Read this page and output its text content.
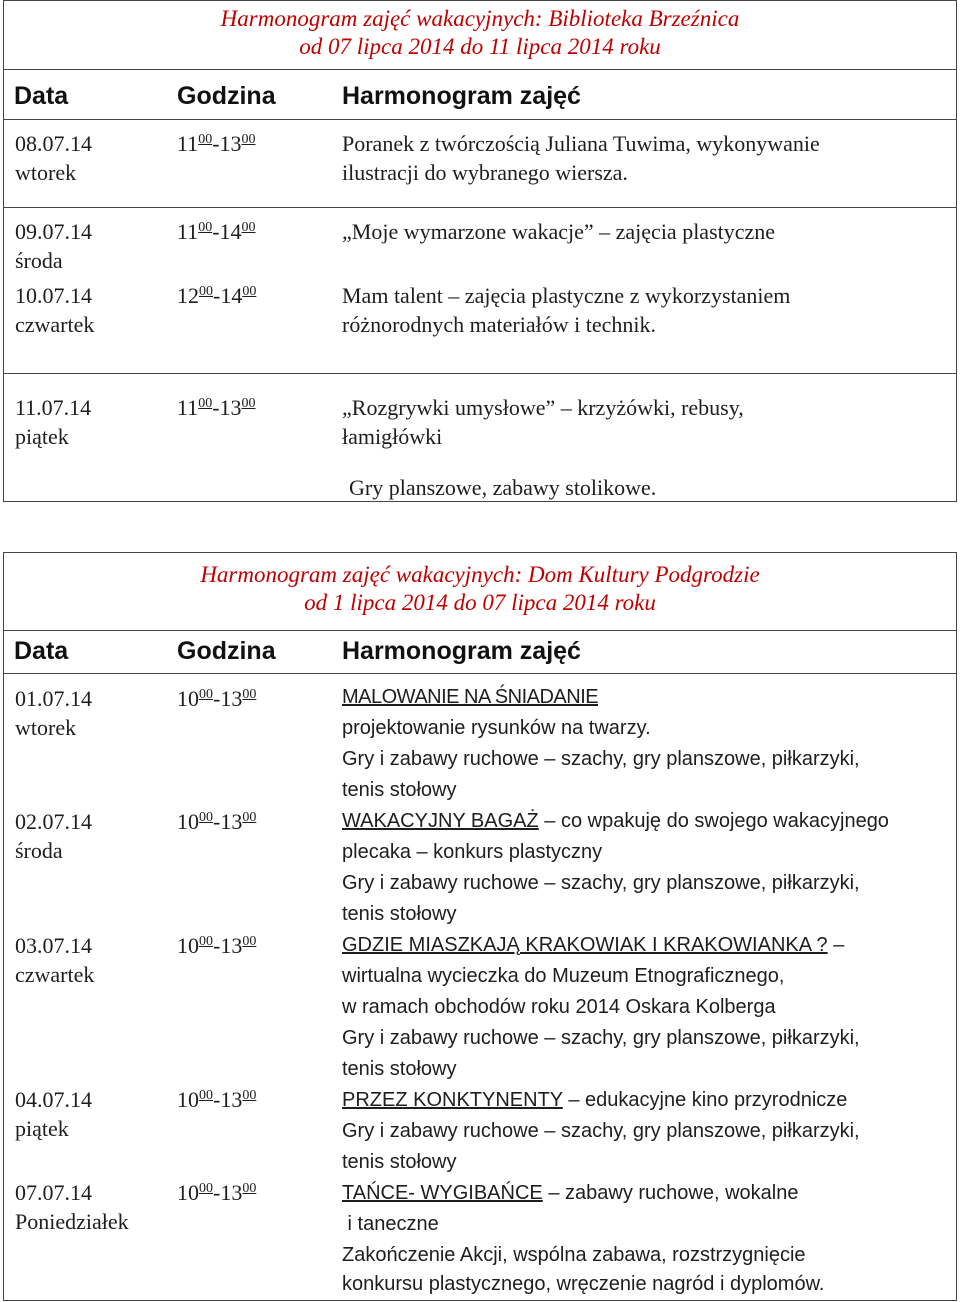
Harmonogram zajęć wakacyjnych: Biblioteka Brzeźnica
od 07 lipca 2014 do 11 lipca 2014 roku
Data	Godzina	Harmonogram zajęć
08.07.14
wtorek
$11^{00}-13^{00}$	Poranek z twórczością Juliana Tuwima, wykonywanie
ilustracji do wybranego wiersza.
09.07.14
środa
$11^{00}-14^{00}$	„Moje wymarzone wakacje” – zajęcia plastyczne
10.07.14
czwartek
$12^{00}-14^{00}$	Mam talent – zajęcia plastyczne z wykorzystaniem
różnorodnych materiałów i technik.
11.07.14
piątek
$11^{00}-13^{00}$	„Rozgrywki umysłowe” – krzyżówki, rebusy,
łamigłówki
Gry planszowe, zabawy stolikowe.
Harmonogram zajęć wakacyjnych: Dom Kultury Podgrodzie
od 1 lipca 2014 do 07 lipca 2014 roku
Data	Godzina	Harmonogram zajęć
01.07.14
wtorek
$10^{00}-13^{00}$	MALOWANIE NA ŚNIADANIE
projektowanie rysunków na twarzy.
Gry i zabawy ruchowe – szachy, gry planszowe, piłkarzyki,
tenis stołowy
02.07.14
środa
$10^{00}-13^{00}$	WAKACYJNY BAGAŻ – co wpakuję do swojego wakacyjnego
plecaka – konkurs plastyczny
Gry i zabawy ruchowe – szachy, gry planszowe, piłkarzyki,
tenis stołowy
03.07.14
czwartek
$10^{00}-13^{00}$	GDZIE MIASZKAJĄ KRAKOWIAK I KRAKOWIANKA ? –
wirtualna wycieczka do Muzeum Etnograficznego,
w ramach obchodów roku 2014 Oskara Kolberga
Gry i zabawy ruchowe – szachy, gry planszowe, piłkarzyki,
tenis stołowy
04.07.14
piątek
$10^{00}-13^{00}$	PRZEZ KONKTYNENTY – edukacyjne kino przyrodnicze
Gry i zabawy ruchowe – szachy, gry planszowe, piłkarzyki,
tenis stołowy
07.07.14
Poniedziałek
$10^{00}-13^{00}$	TAŃCE- WYGIBAŃCE – zabawy ruchowe, wokalne
i taneczne
Zakończenie Akcji, wspólna zabawa, rozstrzygnięcie
konkursu plastycznego, wręczenie nagród i dyplomów.
